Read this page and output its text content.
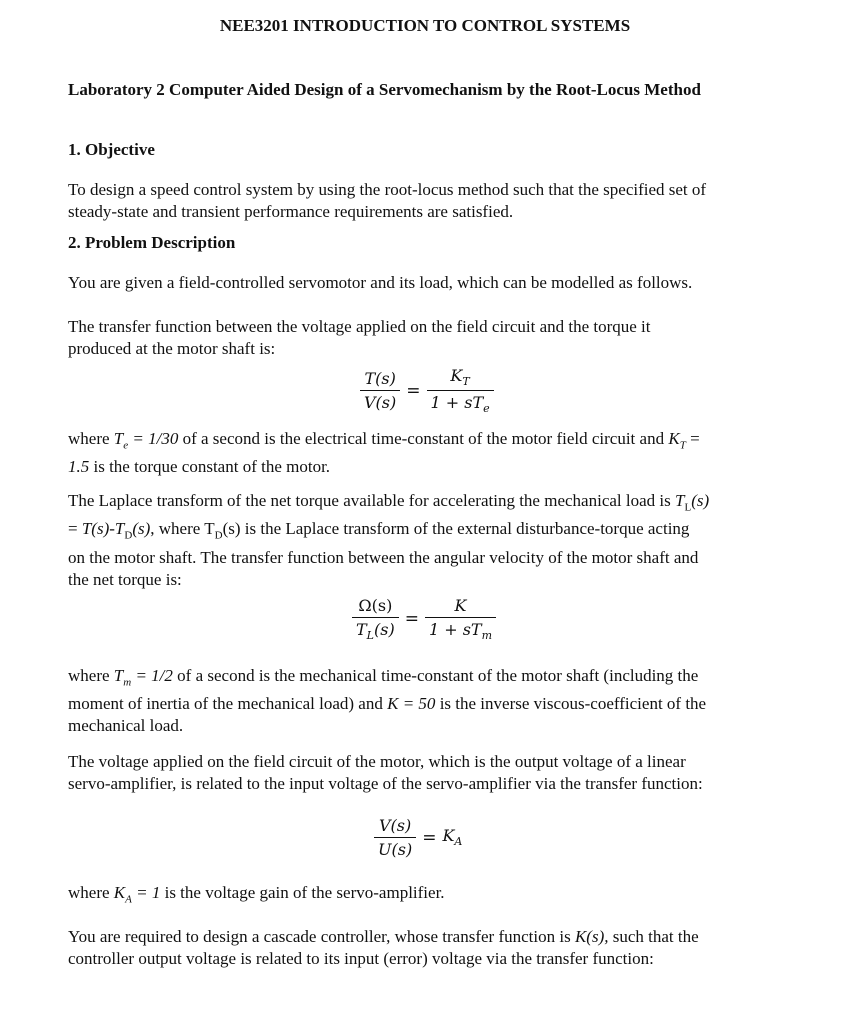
NEE3201 INTRODUCTION TO CONTROL SYSTEMS
Laboratory 2 Computer Aided Design of a Servomechanism by the Root-Locus Method
1. Objective
To design a speed control system by using the root-locus method such that the specified set of
steady-state and transient performance requirements are satisfied.
2. Problem Description
You are given a field-controlled servomotor and its load, which can be modelled as follows.
The transfer function between the voltage applied on the field circuit and the torque it
produced at the motor shaft is:
$\frac{T(s)}{V(s)} = \frac{K_T}{1 + sT_e}$
where $T_e = 1/30$ of a second is the electrical time-constant of the motor field circuit and $K_T$ =
1.5 is the torque constant of the motor.
The Laplace transform of the net torque available for accelerating the mechanical load is $T_L(s)$
= $T(s)-T_D(s)$, where $T_D(s)$ is the Laplace transform of the external disturbance-torque acting
on the motor shaft. The transfer function between the angular velocity of the motor shaft and
the net torque is:
$\frac{\Omega(s)}{T_L(s)} = \frac{K}{1 + sT_m}$
where $T_m = 1/2$ of a second is the mechanical time-constant of the motor shaft (including the
moment of inertia of the mechanical load) and K = 50 is the inverse viscous-coefficient of the
mechanical load.
The voltage applied on the field circuit of the motor, which is the output voltage of a linear
servo-amplifier, is related to the input voltage of the servo-amplifier via the transfer function:
$\frac{V(s)}{U(s)} = K_A$
where $K_A = 1$ is the voltage gain of the servo-amplifier.
You are required to design a cascade controller, whose transfer function is K(s), such that the
controller output voltage is related to its input (error) voltage via the transfer function:
